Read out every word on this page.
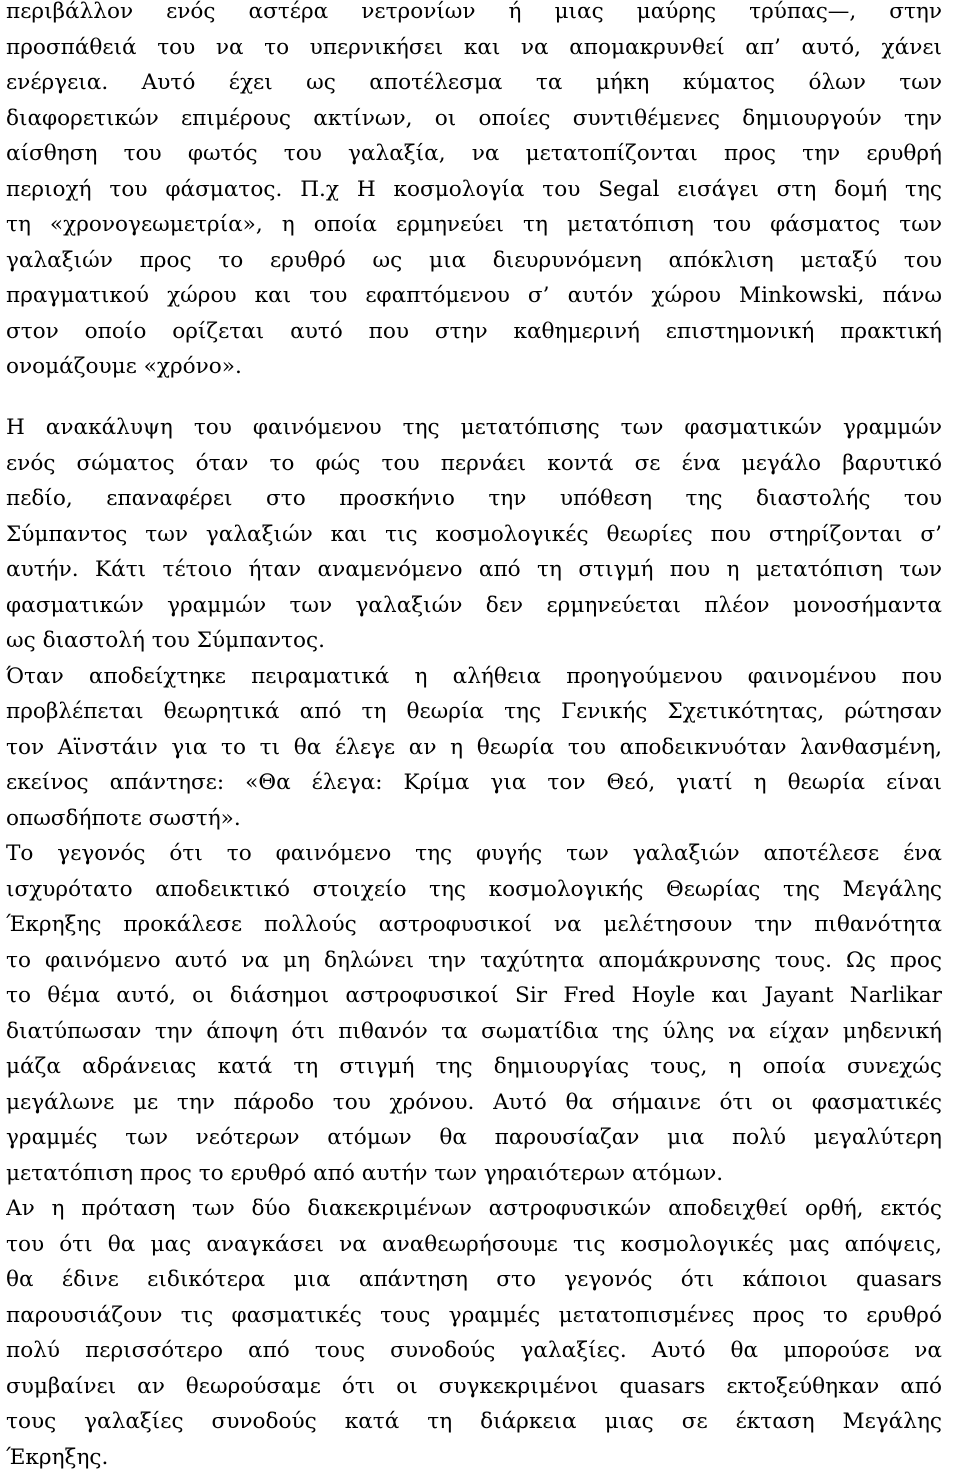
περιβάλλον ενός αστέρα νετρονίων ή μιας μαύρης τρύπας—, στην
προσπάθειά του να το υπερνικήσει και να απομακρυνθεί απ’ αυτό, χάνει
ενέργεια. Αυτό έχει ως αποτέλεσμα τα μήκη κύματος όλων των
διαφορετικών επιμέρους ακτίνων, οι οποίες συντιθέμενες δημιουργούν την
αίσθηση του φωτός του γαλαξία, να μετατοπίζονται προς την ερυθρή
περιοχή του φάσματος. Π.χ Η κοσμολογία του Segal εισάγει στη δομή της
τη «χρονογεωμετρία», η οποία ερμηνεύει τη μετατόπιση του φάσματος των
γαλαξιών προς το ερυθρό ως μια διευρυνόμενη απόκλιση μεταξύ του
πραγματικού χώρου και του εφαπτόμενου σ’ αυτόν χώρου Minkowski, πάνω
στον οποίο ορίζεται αυτό που στην καθημερινή επιστημονική πρακτική
ονομάζουμε «χρόνο».
Η ανακάλυψη του φαινόμενου της μετατόπισης των φασματικών γραμμών
ενός σώματος όταν το φώς του περνάει κοντά σε ένα μεγάλο βαρυτικό
πεδίο, επαναφέρει στο προσκήνιο την υπόθεση της διαστολής του
Σύμπαντος των γαλαξιών και τις κοσμολογικές θεωρίες που στηρίζονται σ’
αυτήν. Κάτι τέτοιο ήταν αναμενόμενο από τη στιγμή που η μετατόπιση των
φασματικών γραμμών των γαλαξιών δεν ερμηνεύεται πλέον μονοσήμαντα
ως διαστολή του Σύμπαντος.
Όταν αποδείχτηκε πειραματικά η αλήθεια προηγούμενου φαινομένου που
προβλέπεται θεωρητικά από τη θεωρία της Γενικής Σχετικότητας, ρώτησαν
τον Αϊνστάιν για το τι θα έλεγε αν η θεωρία του αποδεικνυόταν λανθασμένη,
εκείνος απάντησε: «Θα έλεγα: Κρίμα για τον Θεό, γιατί η θεωρία είναι
οπωσδήποτε σωστή».
Το γεγονός ότι το φαινόμενο της φυγής των γαλαξιών αποτέλεσε ένα
ισχυρότατο αποδεικτικό στοιχείο της κοσμολογικής Θεωρίας της Μεγάλης
Έκρηξης προκάλεσε πολλούς αστροφυσικοί να μελέτησουν την πιθανότητα
το φαινόμενο αυτό να μη δηλώνει την ταχύτητα απομάκρυνσης τους. Ως προς
το θέμα αυτό, οι διάσημοι αστροφυσικοί Sir Fred Hoyle και Jayant Narlikar
διατύπωσαν την άποψη ότι πιθανόν τα σωματίδια της ύλης να είχαν μηδενική
μάζα αδράνειας κατά τη στιγμή της δημιουργίας τους, η οποία συνεχώς
μεγάλωνε με την πάροδο του χρόνου. Αυτό θα σήμαινε ότι οι φασματικές
γραμμές των νεότερων ατόμων θα παρουσίαζαν μια πολύ μεγαλύτερη
μετατόπιση προς το ερυθρό από αυτήν των γηραιότερων ατόμων.
Αν η πρόταση των δύο διακεκριμένων αστροφυσικών αποδειχθεί ορθή, εκτός
του ότι θα μας αναγκάσει να αναθεωρήσουμε τις κοσμολογικές μας απόψεις,
θα έδινε ειδικότερα μια απάντηση στο γεγονός ότι κάποιοι quasars
παρουσιάζουν τις φασματικές τους γραμμές μετατοπισμένες προς το ερυθρό
πολύ περισσότερο από τους συνοδούς γαλαξίες. Αυτό θα μπορούσε να
συμβαίνει αν θεωρούσαμε ότι οι συγκεκριμένοι quasars εκτοξεύθηκαν από
τους γαλαξίες συνοδούς κατά τη διάρκεια μιας σε έκταση Μεγάλης
Έκρηξης.
